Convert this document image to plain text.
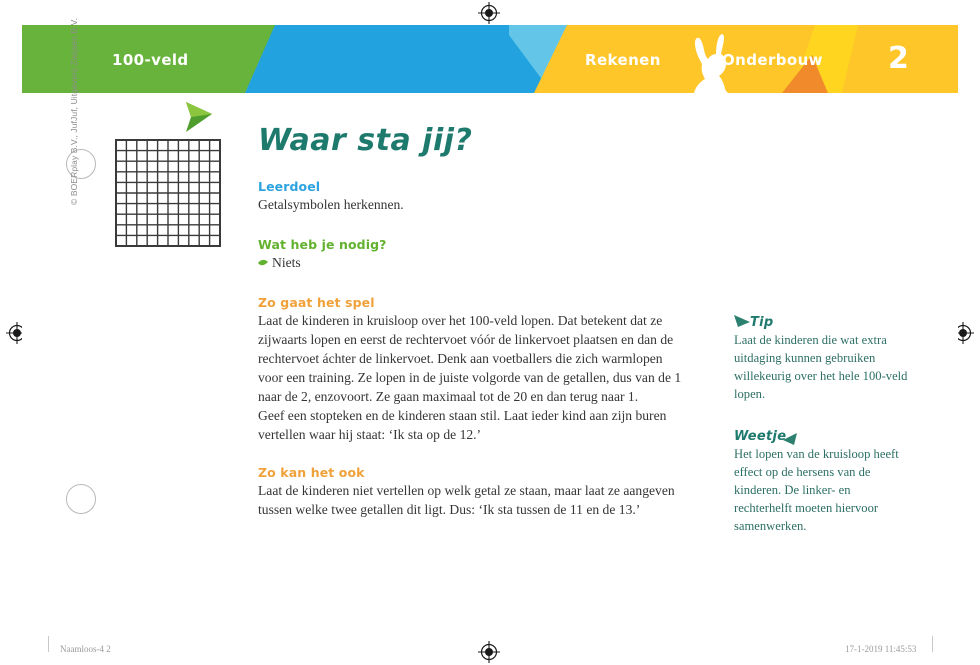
100-veld	Rekenen	Onderbouw 2
© BOERplay B.V., JufJuf, Uitgeverij Zwijsen B.V.	Waar sta jij?
Leerdoel

Getalsymbolen herkennen.

Wat heb je nodig?

Niets

Zo gaat het spel

Laat de kinderen in kruisloop over het 100-veld lopen. Dat betekent dat ze zijwaarts lopen en eerst de rechtervoet vóór de linkervoet plaatsen en dan de rechtervoet áchter de linkervoet. Denk aan voetballers die zich warmlopen voor een training. Ze lopen in de juiste volgorde van de getallen, dus van de 1 naar de 2, enzovoort. Ze gaan maximaal tot de 20 en dan terug naar 1.

Geef een stopteken en de kinderen staan stil. Laat ieder kind aan zijn buren vertellen waar hij staat: ‘Ik sta op de 12.’

Zo kan het ook

Laat de kinderen niet vertellen op welk getal ze staan, maar laat ze aangeven tussen welke twee getallen dit ligt. Dus: ‘Ik sta tussen de 11 en de 13.’

Tip

Laat de kinderen die wat extra uitdaging kunnen gebruiken willekeurig over het hele 100-veld lopen.

Weetje

Het lopen van de kruisloop heeft effect op de hersens van de kinderen. De linker- en rechterhelft moeten hiervoor samenwerken.

Naamloos-4 2	17-1-2019 11:45:53
